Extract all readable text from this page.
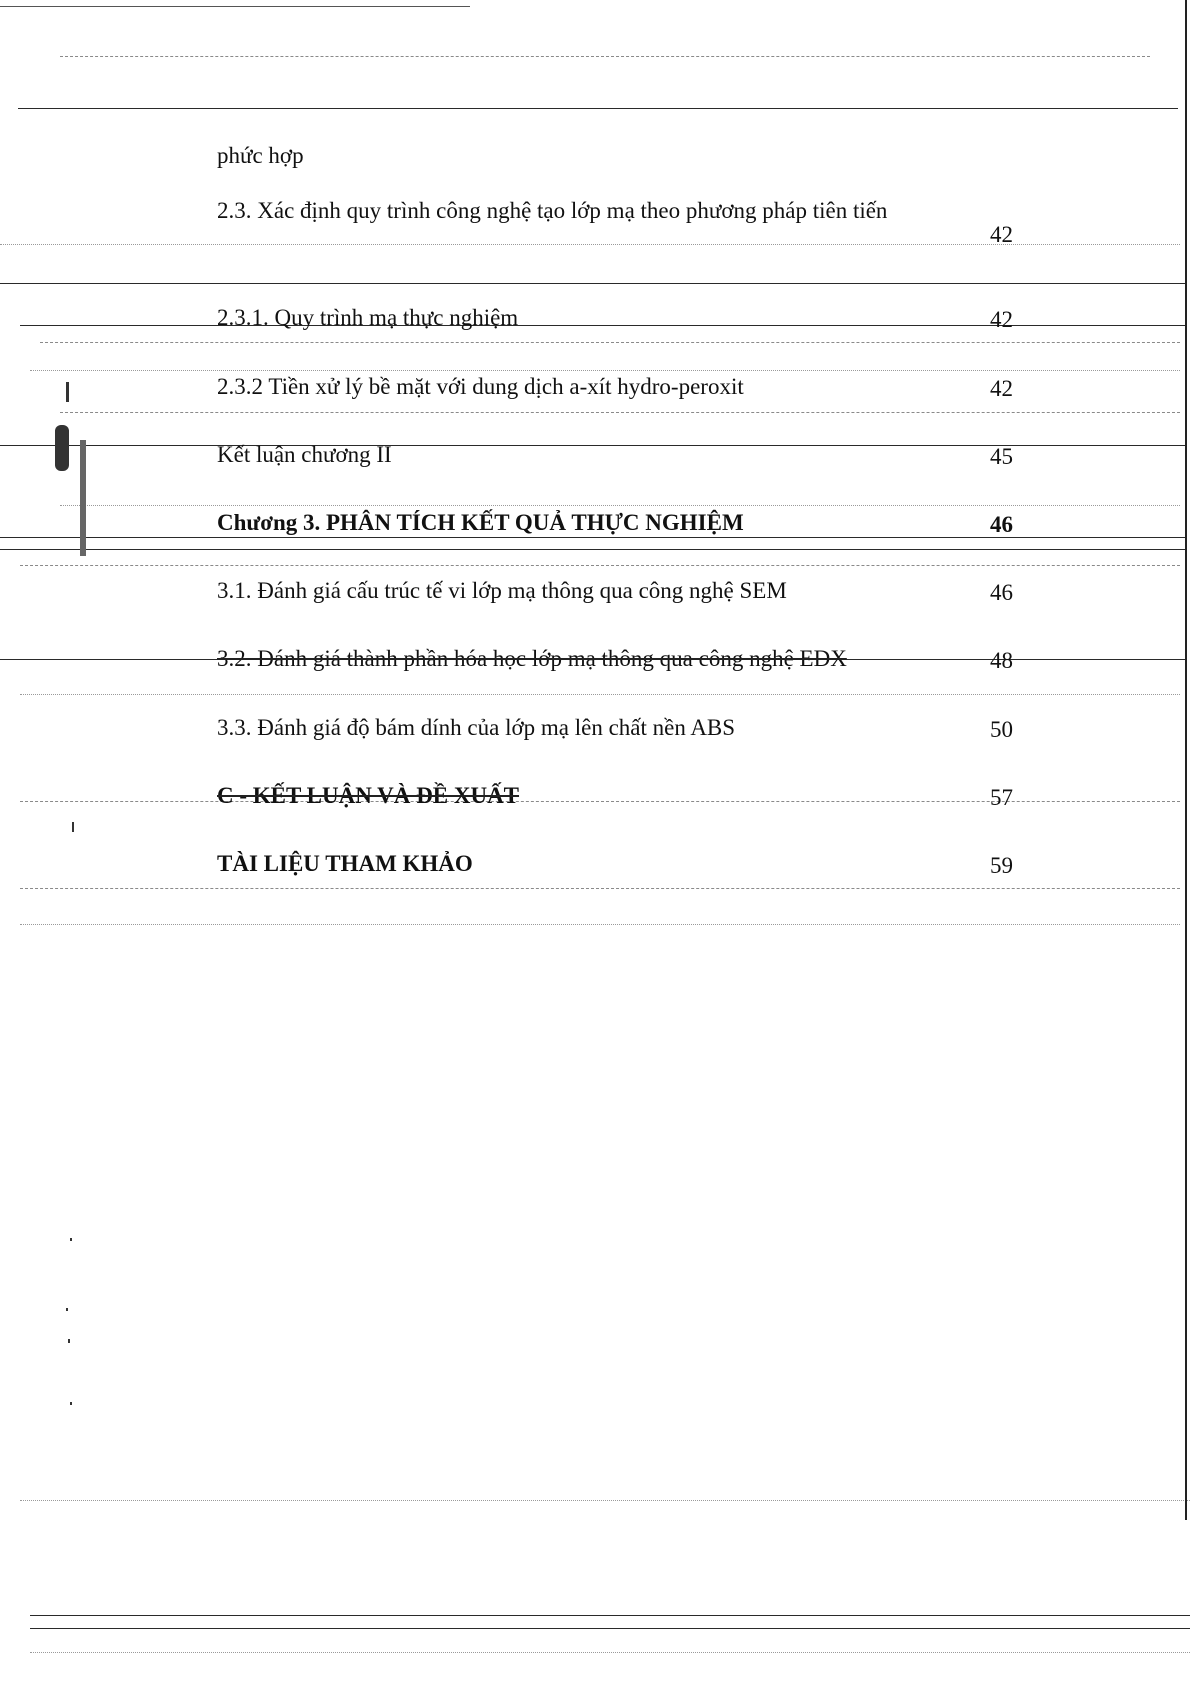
phức hợp
2.3. Xác định quy trình công nghệ tạo lớp mạ theo phương pháp tiên tiến
42
2.3.1. Quy trình mạ thực nghiệm	42
2.3.2 Tiền xử lý bề mặt với dung dịch a-xít hydro-peroxit	42
Kết luận chương II	45
Chương 3. PHÂN TÍCH KẾT QUẢ THỰC NGHIỆM	46
3.1. Đánh giá cấu trúc tế vi lớp mạ thông qua công nghệ SEM	46
3.2. Đánh giá thành phần hóa học lớp mạ thông qua công nghệ EDX	48
3.3. Đánh giá độ bám dính của lớp mạ lên chất nền ABS	50
C - KẾT LUẬN VÀ ĐỀ XUẤT	57
TÀI LIỆU THAM KHẢO	59
